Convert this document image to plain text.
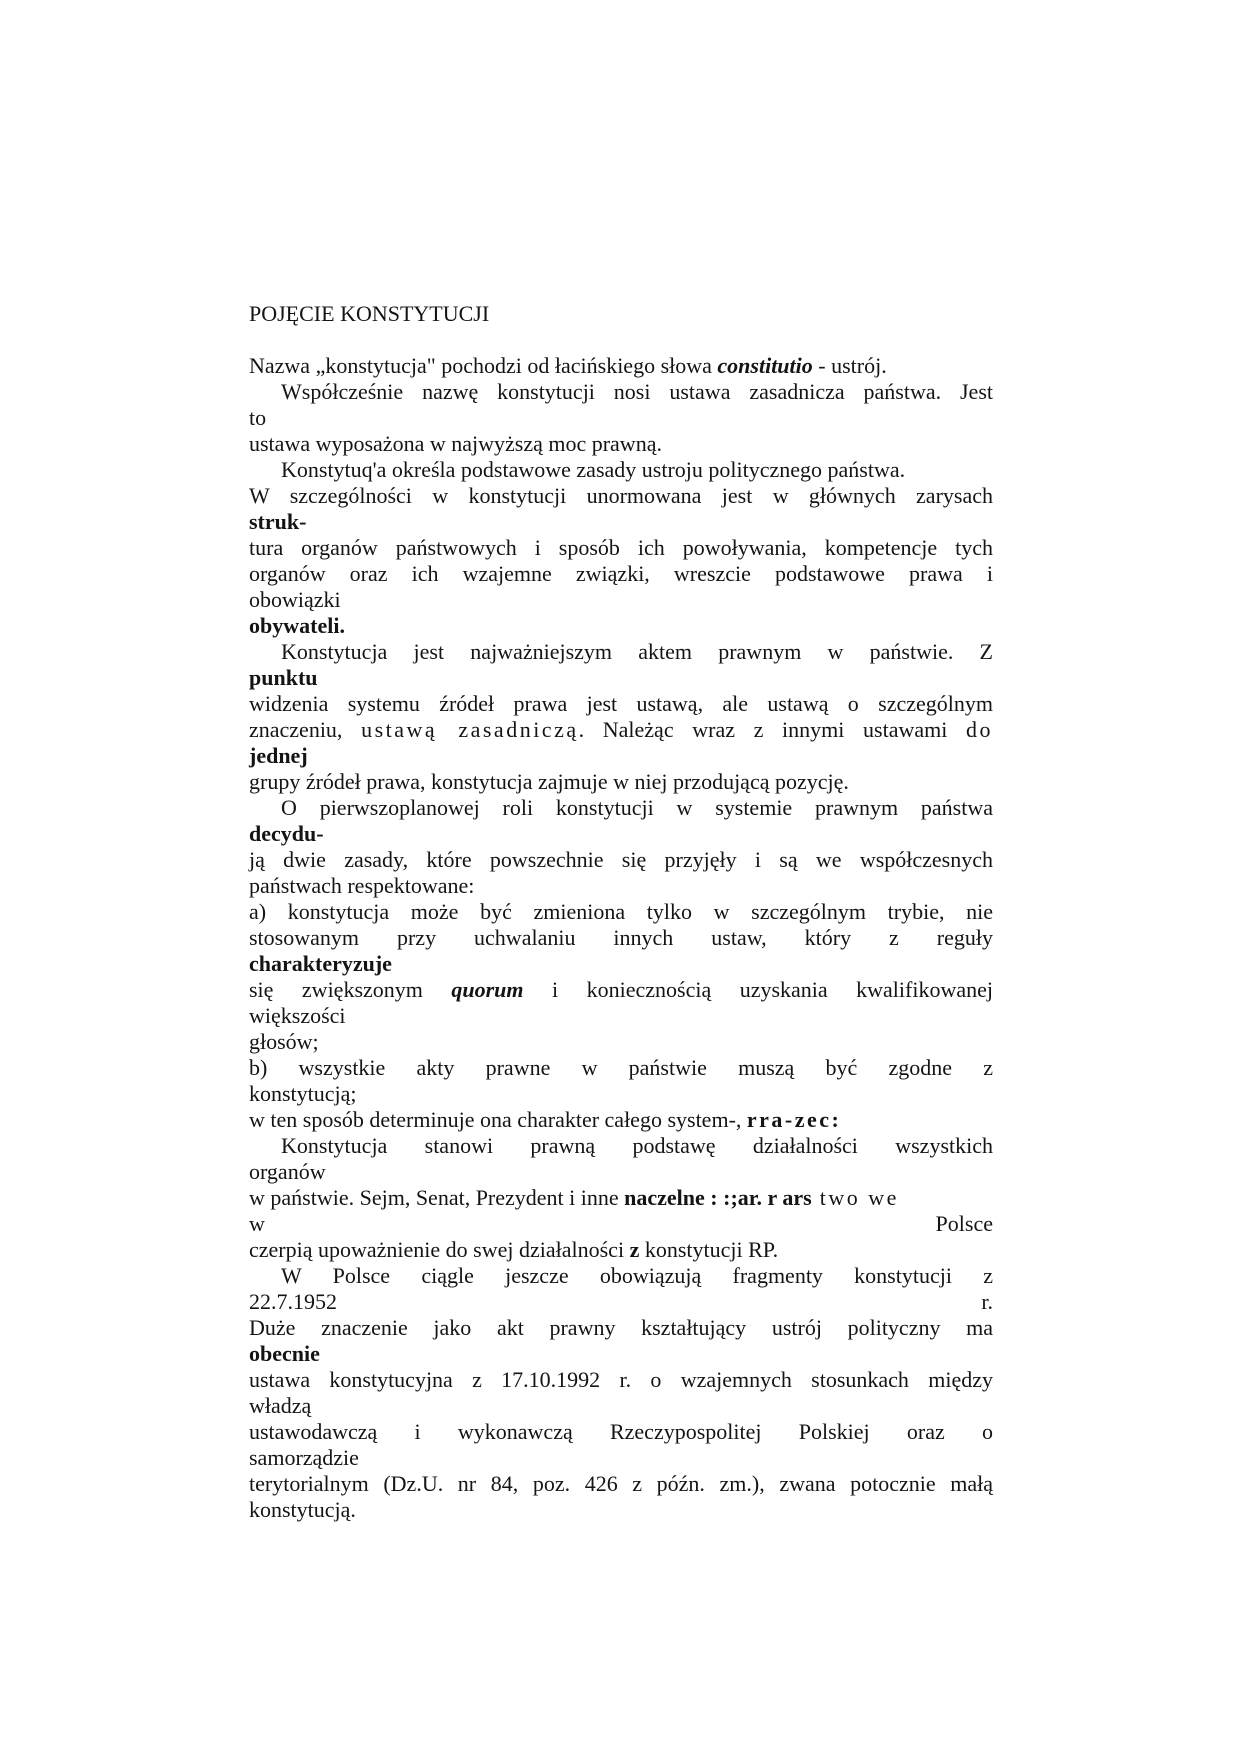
POJĘCIE KONSTYTUCJI
Nazwa „konstytucja" pochodzi od łacińskiego słowa constitutio - ustrój.
Współcześnie nazwę konstytucji nosi ustawa zasadnicza państwa. Jest
to
ustawa wyposażona w najwyższą moc prawną.
Konstytuq'a określa podstawowe zasady ustroju politycznego państwa.
W szczególności w konstytucji unormowana jest w głównych zarysach
struk-
tura organów państwowych i sposób ich powoływania, kompetencje tych
organów oraz ich wzajemne związki, wreszcie podstawowe prawa i
obowiązki
obywateli.
Konstytucja jest najważniejszym aktem prawnym w państwie. Z
punktu
widzenia systemu źródeł prawa jest ustawą, ale ustawą o szczególnym
znaczeniu, ustawą zasadniczą. Należąc wraz z innymi ustawami do
jednej
grupy źródeł prawa, konstytucja zajmuje w niej przodującą pozycję.
O pierwszoplanowej roli konstytucji w systemie prawnym państwa
decydu-
ją dwie zasady, które powszechnie się przyjęły i są we współczesnych
państwach respektowane:
a) konstytucja może być zmieniona tylko w szczególnym trybie, nie
stosowanym przy uchwalaniu innych ustaw, który z reguły
charakteryzuje
się zwiększonym quorum i koniecznością uzyskania kwalifikowanej
większości
głosów;
b) wszystkie akty prawne w państwie muszą być zgodne z
konstytucją;
w ten sposób determinuje ona charakter całego system-, rra-zec:
Konstytucja stanowi prawną podstawę działalności wszystkich
organów
w państwie. Sejm, Senat, Prezydent i inne naczelne : :;ar. r ars two we
w	Polsce
czerpią upoważnienie do swej działalności z konstytucji RP.
W Polsce ciągle jeszcze obowiązują fragmenty konstytucji z
22.7.1952	r.
Duże znaczenie jako akt prawny kształtujący ustrój polityczny ma
obecnie
ustawa konstytucyjna z 17.10.1992 r. o wzajemnych stosunkach między
władzą
ustawodawczą i wykonawczą Rzeczypospolitej Polskiej oraz o
samorządzie
terytorialnym (Dz.U. nr 84, poz. 426 z późn. zm.), zwana potocznie małą
konstytucją.
